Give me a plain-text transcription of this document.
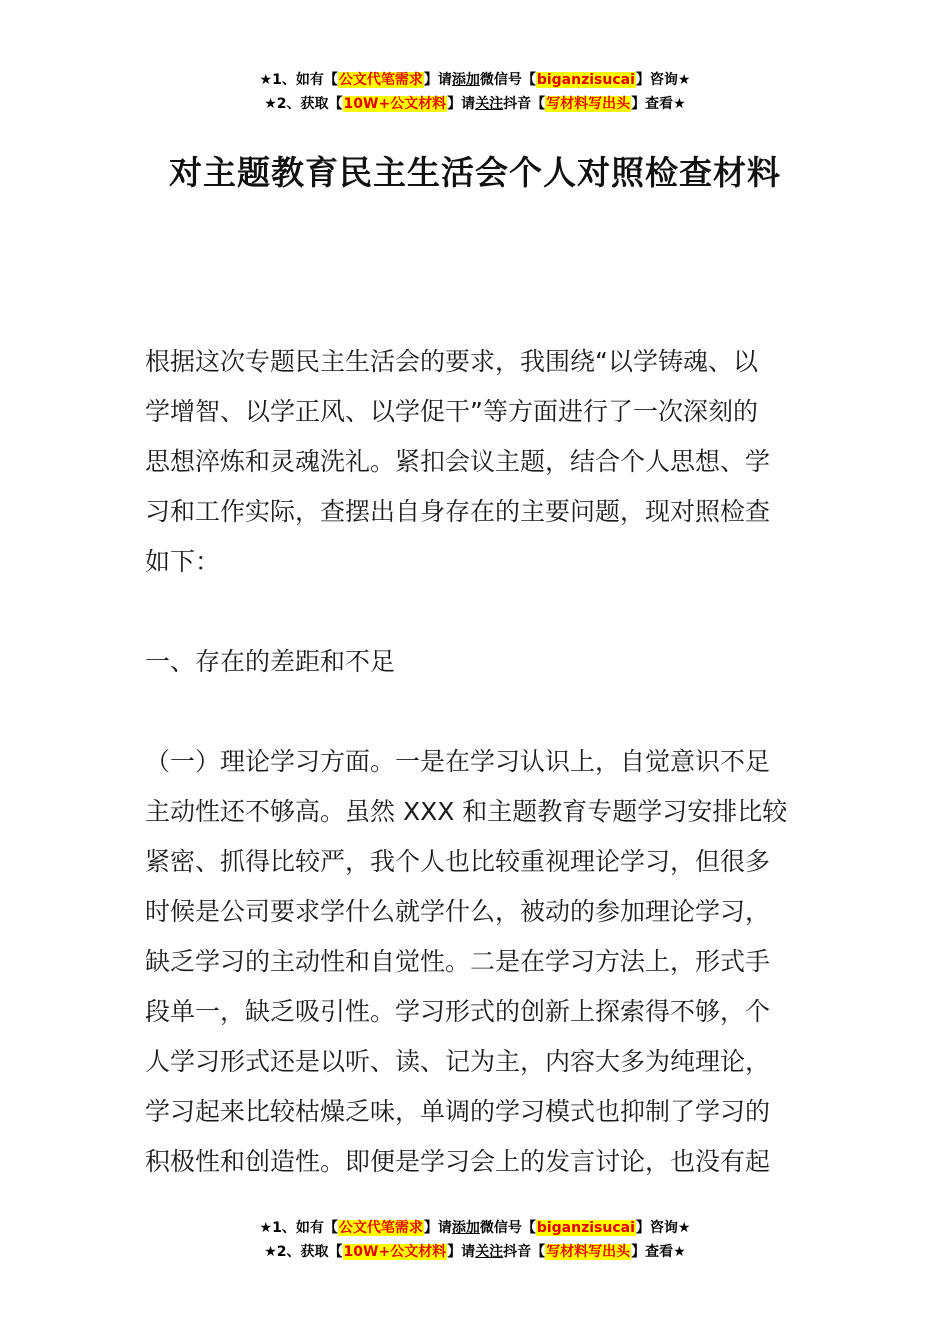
★1、如有【公文代笔需求】请添加微信号【biganzisucai】咨询★
★2、获取【10W+公文材料】请关注抖音【写材料写出头】查看★
对主题教育民主生活会个人对照检查材料
根据这次专题民主生活会的要求，我围绕“以学铸魂、以
学增智、以学正风、以学促干”等方面进行了一次深刻的
思想淬炼和灵魂洗礼。紧扣会议主题，结合个人思想、学
习和工作实际，查摆出自身存在的主要问题，现对照检查
如下：
一、存在的差距和不足
（一）理论学习方面。一是在学习认识上，自觉意识不足
主动性还不够高。虽然 XXX 和主题教育专题学习安排比较
紧密、抓得比较严，我个人也比较重视理论学习，但很多
时候是公司要求学什么就学什么，被动的参加理论学习，
缺乏学习的主动性和自觉性。二是在学习方法上，形式手
段单一，缺乏吸引性。学习形式的创新上探索得不够，个
人学习形式还是以听、读、记为主，内容大多为纯理论，
学习起来比较枯燥乏味，单调的学习模式也抑制了学习的
积极性和创造性。即便是学习会上的发言讨论，也没有起
★1、如有【公文代笔需求】请添加微信号【biganzisucai】咨询★
★2、获取【10W+公文材料】请关注抖音【写材料写出头】查看★
